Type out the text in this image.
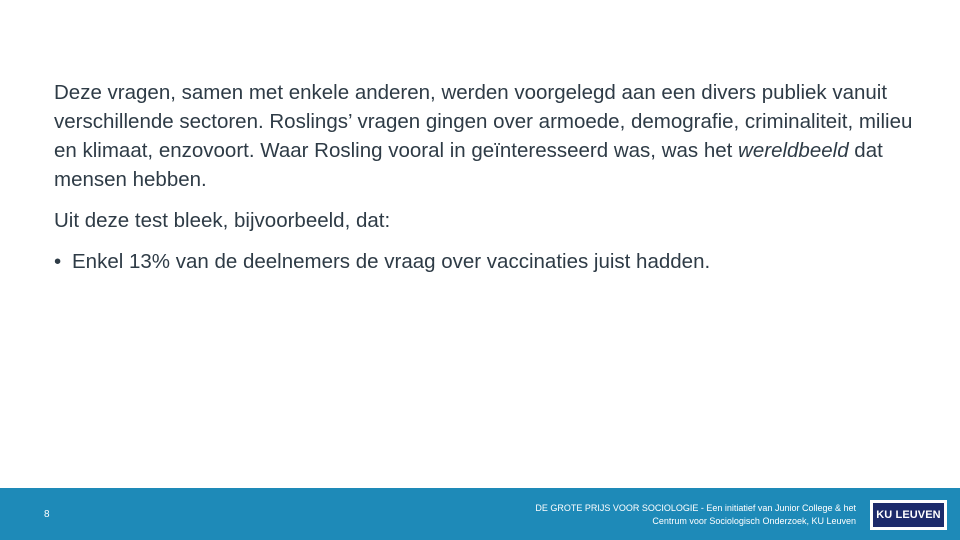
Deze vragen, samen met enkele anderen, werden voorgelegd aan een divers publiek vanuit verschillende sectoren. Roslings’ vragen gingen over armoede, demografie, criminaliteit, milieu en klimaat, enzovoort. Waar Rosling vooral in geïnteresseerd was, was het wereldbeeld dat mensen hebben.

Uit deze test bleek, bijvoorbeeld, dat:

• Enkel 13% van de deelnemers de vraag over vaccinaties juist hadden.
8
DE GROTE PRIJS VOOR SOCIOLOGIE - Een initiatief van Junior College & het
Centrum voor Sociologisch Onderzoek, KU Leuven KU LEUVEN
